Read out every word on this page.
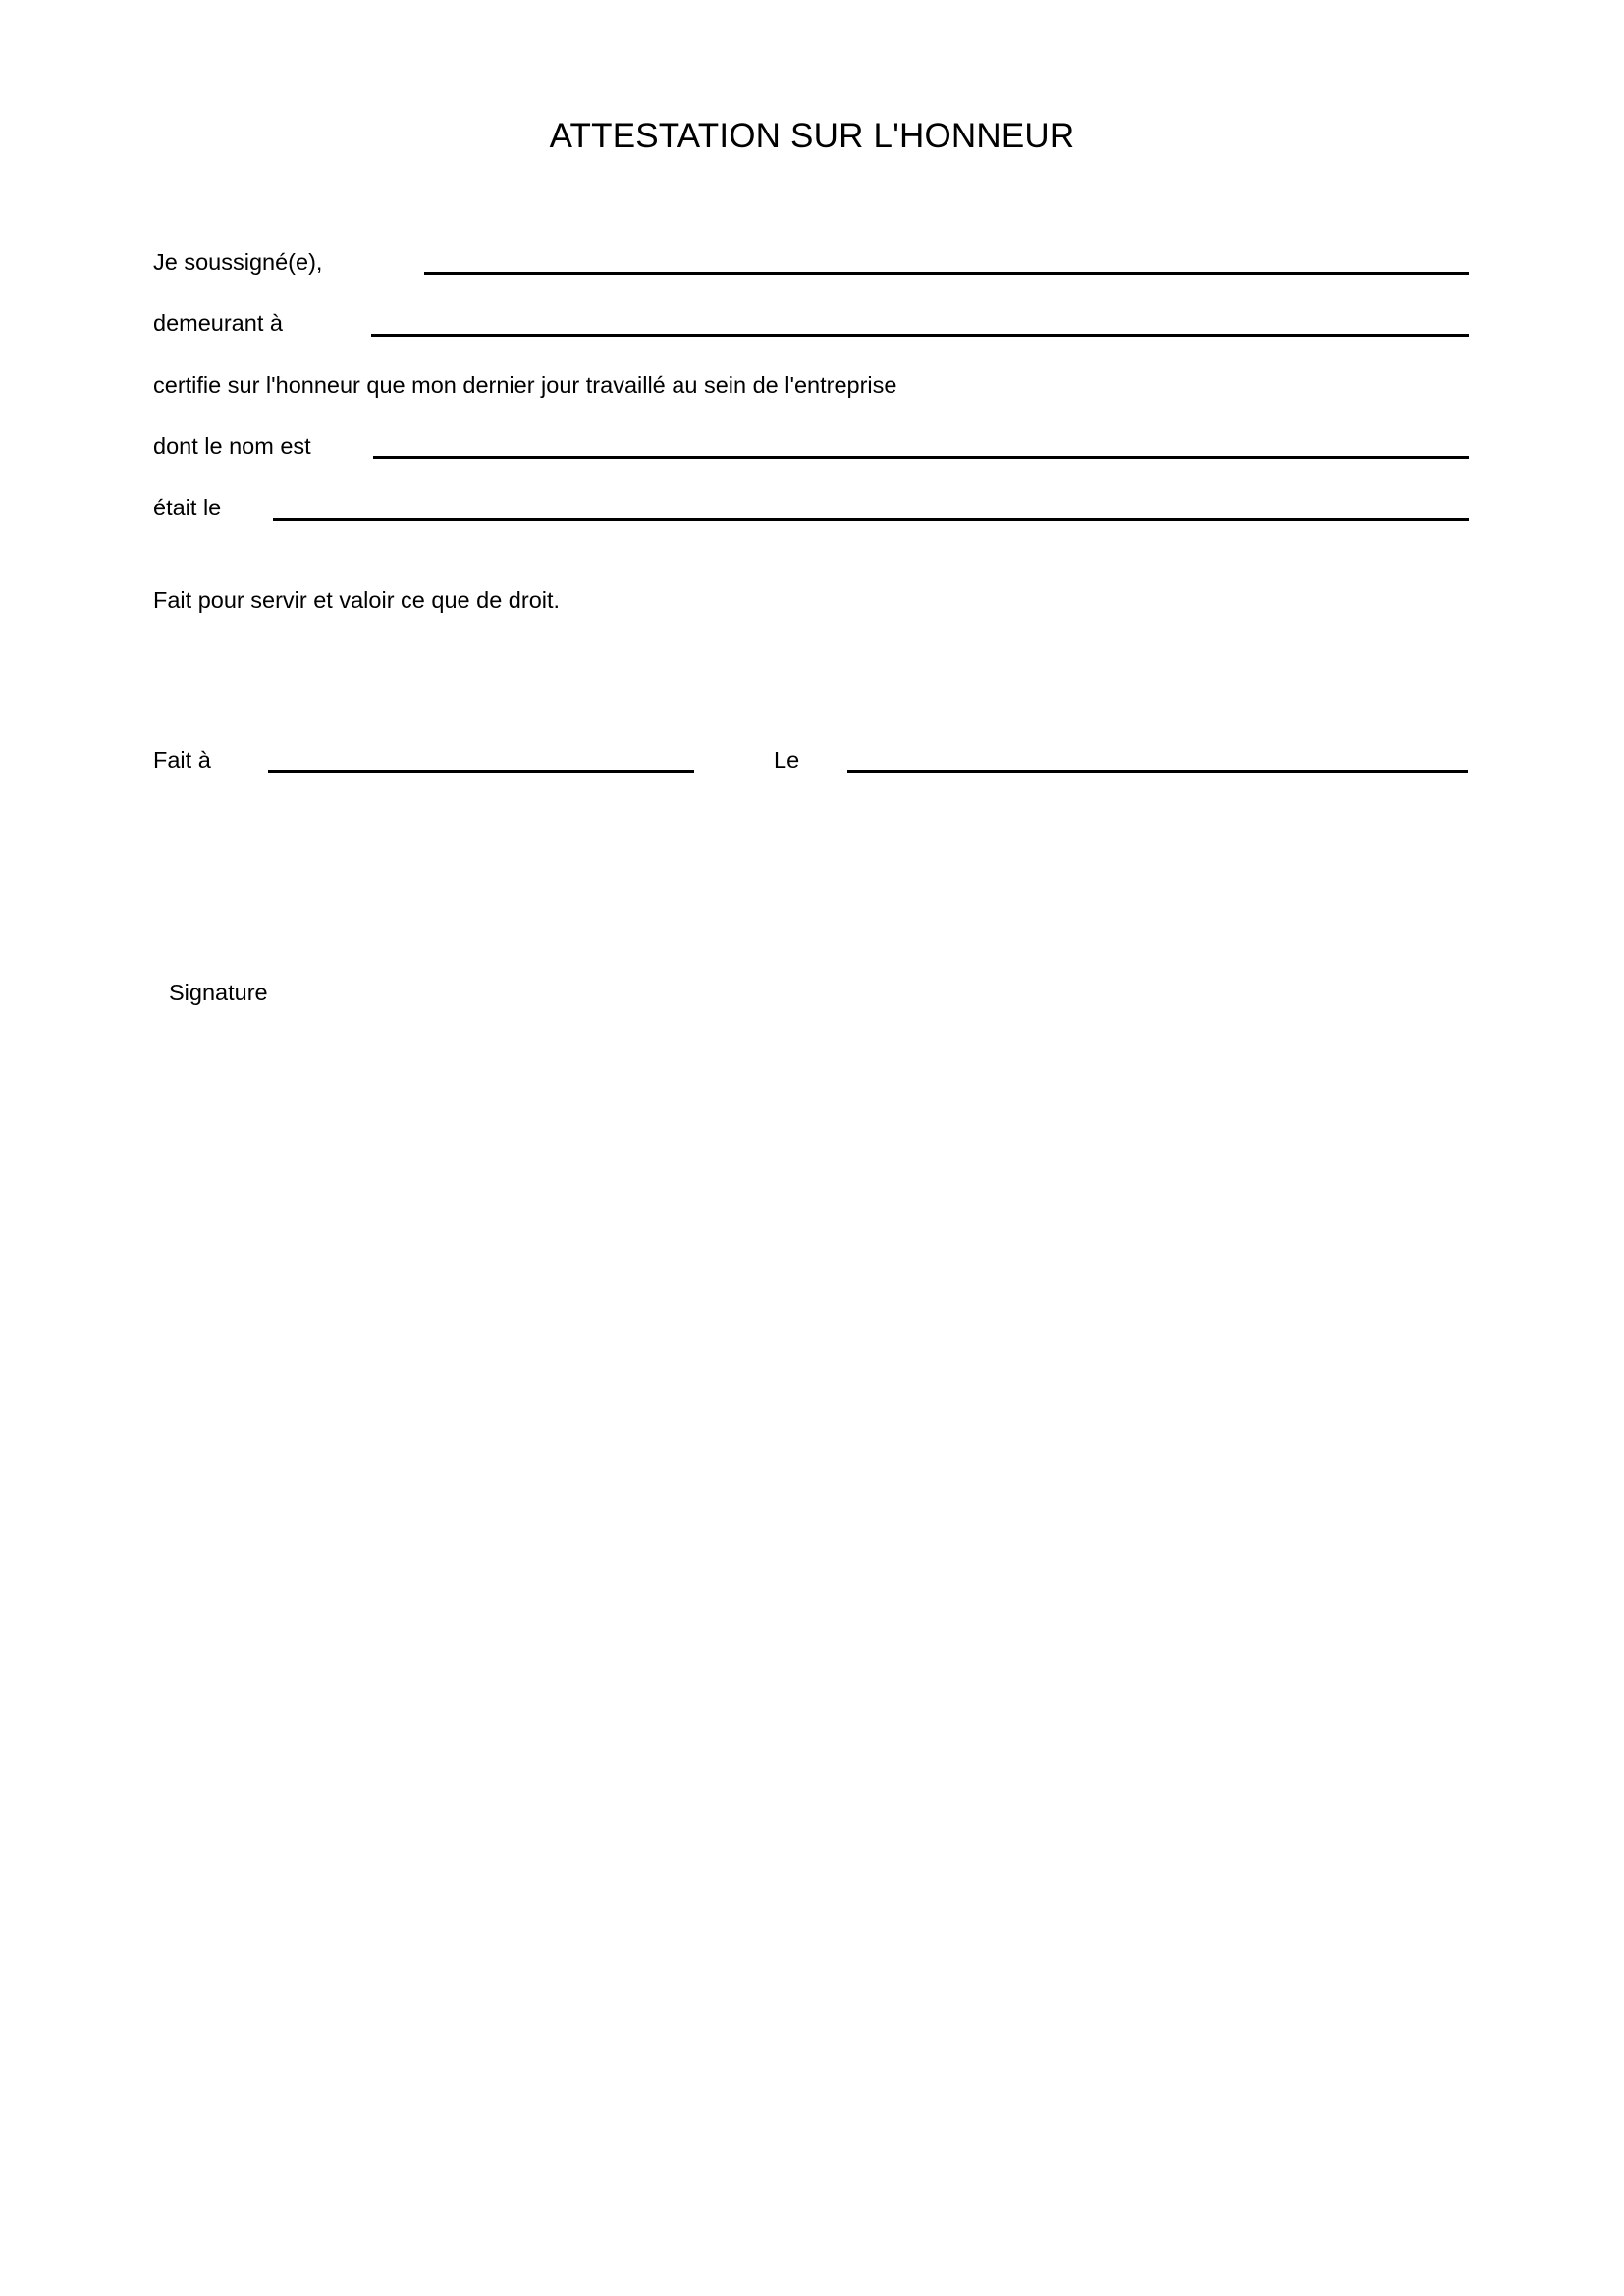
ATTESTATION SUR L'HONNEUR
Je soussigné(e),
demeurant à
certifie sur l'honneur que mon dernier jour travaillé au sein de l'entreprise
dont le nom est
était le
Fait pour servir et valoir ce que de droit.
Fait à	Le
Signature
